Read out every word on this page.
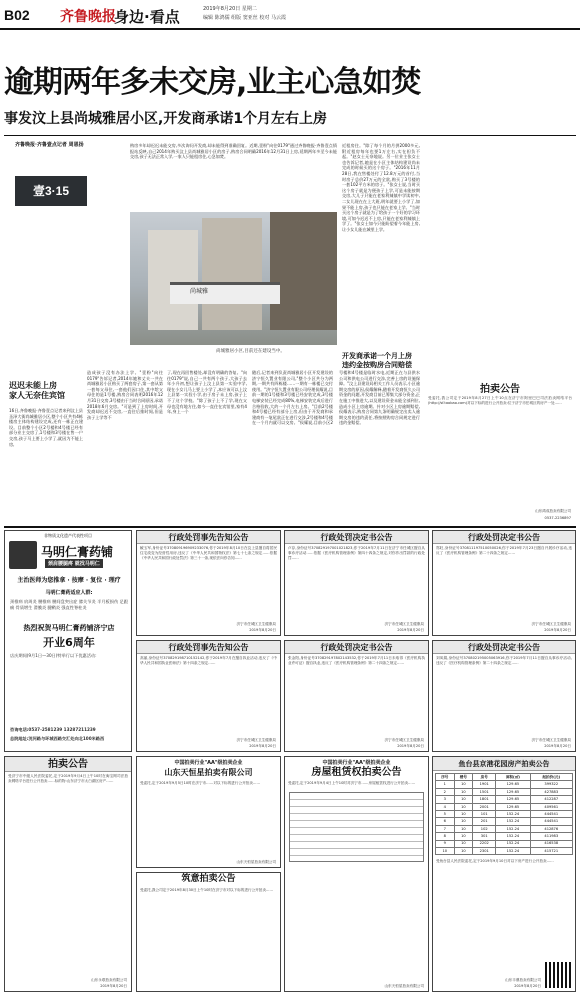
B02 齐鲁晚报
身边·看点	2019年8月20日 星期二
编辑 陈鸿儒 组版 窦亚丝 校对 马云霞
逾期两年多未交房,业主心急如焚
事发汶上县尚城雅居小区,开发商承诺1个月左右上房
齐鲁晚报·齐鲁壹点记者 周恩扬
壹3·15
购房多年却迟迟未能交房,多次询问开发商,却未能得到准确回复。近期,壹粉"向往0179"通过齐鲁晚报·齐鲁壹点情报站反映,自己2014年购买汶上县尚城雅居小区的房子,购房合同明确2016年12月31日上房,延期两年多至今未能交房,孩子无法正常入学,一家人只能租房住,心急如焚。
尚城雅
尚城雅居小区,目前还在建设当中。
迟迟未能上房
家人无奈住宾馆
16日,齐鲁晚报·齐鲁壹点记者来到汶上县圣泽大街尚城雅居小区,整个小区共有4栋楼房主体结构建设完成,还有一栋正在建设。目前整个小区2号楼和4号楼已经有部分业主交房了,1号楼和3号楼在售一户交房,孩子马上要上小学了,就因为不能上房,
造成孩子没有办法上学。"壹粉"向往0179"告诉记者,2014年她和丈夫一共在尚城雅居小区购买了两套房子,第一套从第一套每父母住,一套他们因口住,其中给父母住的是1号楼,购房合同表明2016年12月31日交房,3号楼由于当时合同原因,承诺2018年6月交房。"可是到了上房时间,开发商却迟迟不交房,一直往后推时间,但是孩子上学等不
了,现在再回售楼处,却没有明确的答复。"向往0179"说,自己一共有两个孩子,大孩子去年小升初,想让孩子上汶上县第一实验中学,现在小女儿马上要上小学了,本应该可以上汶上县第一实验小学,由于房子未上房,孩子上不了这个学校。"除了孩子上不了学,现在父母也没有地方住,如今一直住在宾馆里,家有4年,身上一个
近租房住。"除了每个月的月供2000多元,附近租房每年也要1万左右,实在担负不起。"赵女士无奈地说。另一位业主张女士也告诉记者,她是在小区主体结构建设尚未完成的时候买的这个房子。"2016年11月28日,我在售楼处付了12.8万元的首付,当时房子总价27万元的全款,购买了3号楼的一套102平方米的房子。"张女士说,当时买这个房子就是为便孩子上学,可是未能按期交房,大儿子只能在老家利辣镇中学读初中,二女儿现在在上大班,明年就要上小学了,如果不能上房,孩子也只能在老家上学。"当时买这个房子就是为了给孩子一个好的学习环境,可如今迟迟不上房,只能在老家利辣镇上学了。"张女士如今只能盼望着今年能上房,让小女儿能在城里上学。
开发商承诺一个月上房
违约金按购房合同赔偿
随后,记者来到负责尚城雅居小区开发建设的济宁恒久置业有限公司,"整个小区共分为两期,一期共有四栋楼……一期有一栋楼已交付使用。"济宁恒久置业有限公司经理侯耀说,目前一期的1号楼和3号楼已经安装完成,3号楼电梯安装已经完成80%,电梯安装完成后进行合格验收,大约一个月左右上房。"目前2号楼和4号楼已经有部分上房,但由于开发商和承建商有一笔尾款正在进行交涉,2号楼和4号楼在一个月内就可以交房。"侯耀说,目前小区2号楼和4号楼是临时水电,近期正在与县供水公司和供电公司进行交涉,完善上房的设施保障。"汶上县建设局相关工作人员表示,小区逾期交房的原因,侯耀解释,随着开发商恒久公司资金的问题,开发商目前已筹集大部分资金,正在施工中推进大,以及建设资金未能全部到位,造成小区上房逾期。针对小区上房逾期赔偿,侯耀表示,购房合同第九条明确规定出卖人逾期交房的违约责任,将按照购房合同规定进行违约金赔偿。
拍卖公告
受委托,我公司定于2019年8月27日上午10点在济宁市阿里巴巴司法拍卖网络平台(http://sf.taobao.com)对以下标的进行公开拍卖:位于济宁市任城区的房产一处……
山东鸿成拍卖有限公司
0537-2236897
非物质文化遗产代表性项目
马明仁膏药铺
颈肩腰腿疼 就找马明仁
主治医师为您推拿 · 按摩 · 复位 · 理疗
马明仁膏药适应人群:
颈椎病 肩周炎 腰椎病 腰间盘突出症 膝关节炎 半月板损伤 足跟痛 骨质增生 滑膜炎 腱鞘炎 强直性脊柱炎
热烈祝贺马明仁膏药铺济宁店
开业6周年
店庆期间(9月1日—30日)特举行以下优惠活动:
咨询电话:0537-2581239 13287211239
总院地址:洸河路与环城西路交汇处向北100米路西
行政处罚事先告知公告
臧玉军,身份证号370809196909233076,你于2019年8月10日在汶上县擅自将居民住宅改变为经营性用房,违反了《中华人民共和国物权法》第七十七条之规定……依据《中华人民共和国行政处罚法》第三十一条,现依法向你告知……
济宁市任城区卫生健康局
2019年8月20日
行政处罚决定书公告
卢存,身份证号370829197001021823,你于2019年7月11日在济宁市任城区擅自从事诊疗活动……依据《医疗机构管理条例》第四十四条之规定,对你作出罚款的行政处罚……
济宁市任城区卫生健康局
2019年8月20日
行政处罚决定书公告
郑旺,身份证号370811197510050026,你于2019年7月23日擅自开展诊疗活动,违反了《医疗机构管理条例》第二十四条之规定……
济宁市任城区卫生健康局
2019年8月20日
行政处罚事先告知公告
高丽,身份证号370829198710152142,你于2019年7月在擅自执业活动,违反了《中华人民共和国执业医师法》第十四条之规定……
济宁市任城区卫生健康局
2019年8月20日
行政处罚决定书公告
张金阳,身份证号370829197802143532,你于2019年7月11日未取得《医疗机构执业许可证》擅自执业,违反了《医疗机构管理条例》第二十四条之规定……
济宁市任城区卫生健康局
2019年8月20日
行政处罚决定书公告
刘凤娟,身份证号370802195005063916,你于2019年7月11日擅自从事诊疗活动,违反了《医疗机构管理条例》第二十四条之规定……
济宁市任城区卫生健康局
2019年8月20日
拍卖公告
受济宁市中级人民法院委托,定于2019年9月4日上午10时在淘宝网司法拍卖网络平台进行公开拍卖……标的物:山东济宁市太白湖区房产……
山东永联拍卖有限公司
2019年8月20日
中国拍卖行业"AA"级拍卖企业
山东天恒星拍卖有限公司
受委托,定于2019年9月5日10时在济宁市……对以下标的进行公开拍卖……
山东天恒星拍卖有限公司
筑意拍卖公告
受委托,我公司定于2019年8月30日上午10时在济宁市对以下标的进行公开拍卖……
中国拍卖行业"AA"级拍卖企业
房屋租赁权拍卖公告
受委托,定于2019年9月4日上午10时对济宁市……房屋租赁权进行公开拍卖……
山东天恒星拍卖有限公司
鱼台县京港花园房产拍卖公告
序号	楼号	房号	面积(㎡)	起拍价(元)
1	10	1901	129.65	399322
2	10	1501	129.65	427883
3	10	1801	129.65	412287
4	10	2001	129.65	409561
5	10	101	152.24	444541
6	10	201	152.24	444541
7	10	102	152.24	412876
8	10	301	152.24	411983
9	10	2202	152.24	416538
10	10	2301	152.24	415721
受鱼台县人民法院委托,定于2019年9月10日对以下房产进行公开拍卖……
山东丰鼎拍卖有限公司
2019年8月20日
